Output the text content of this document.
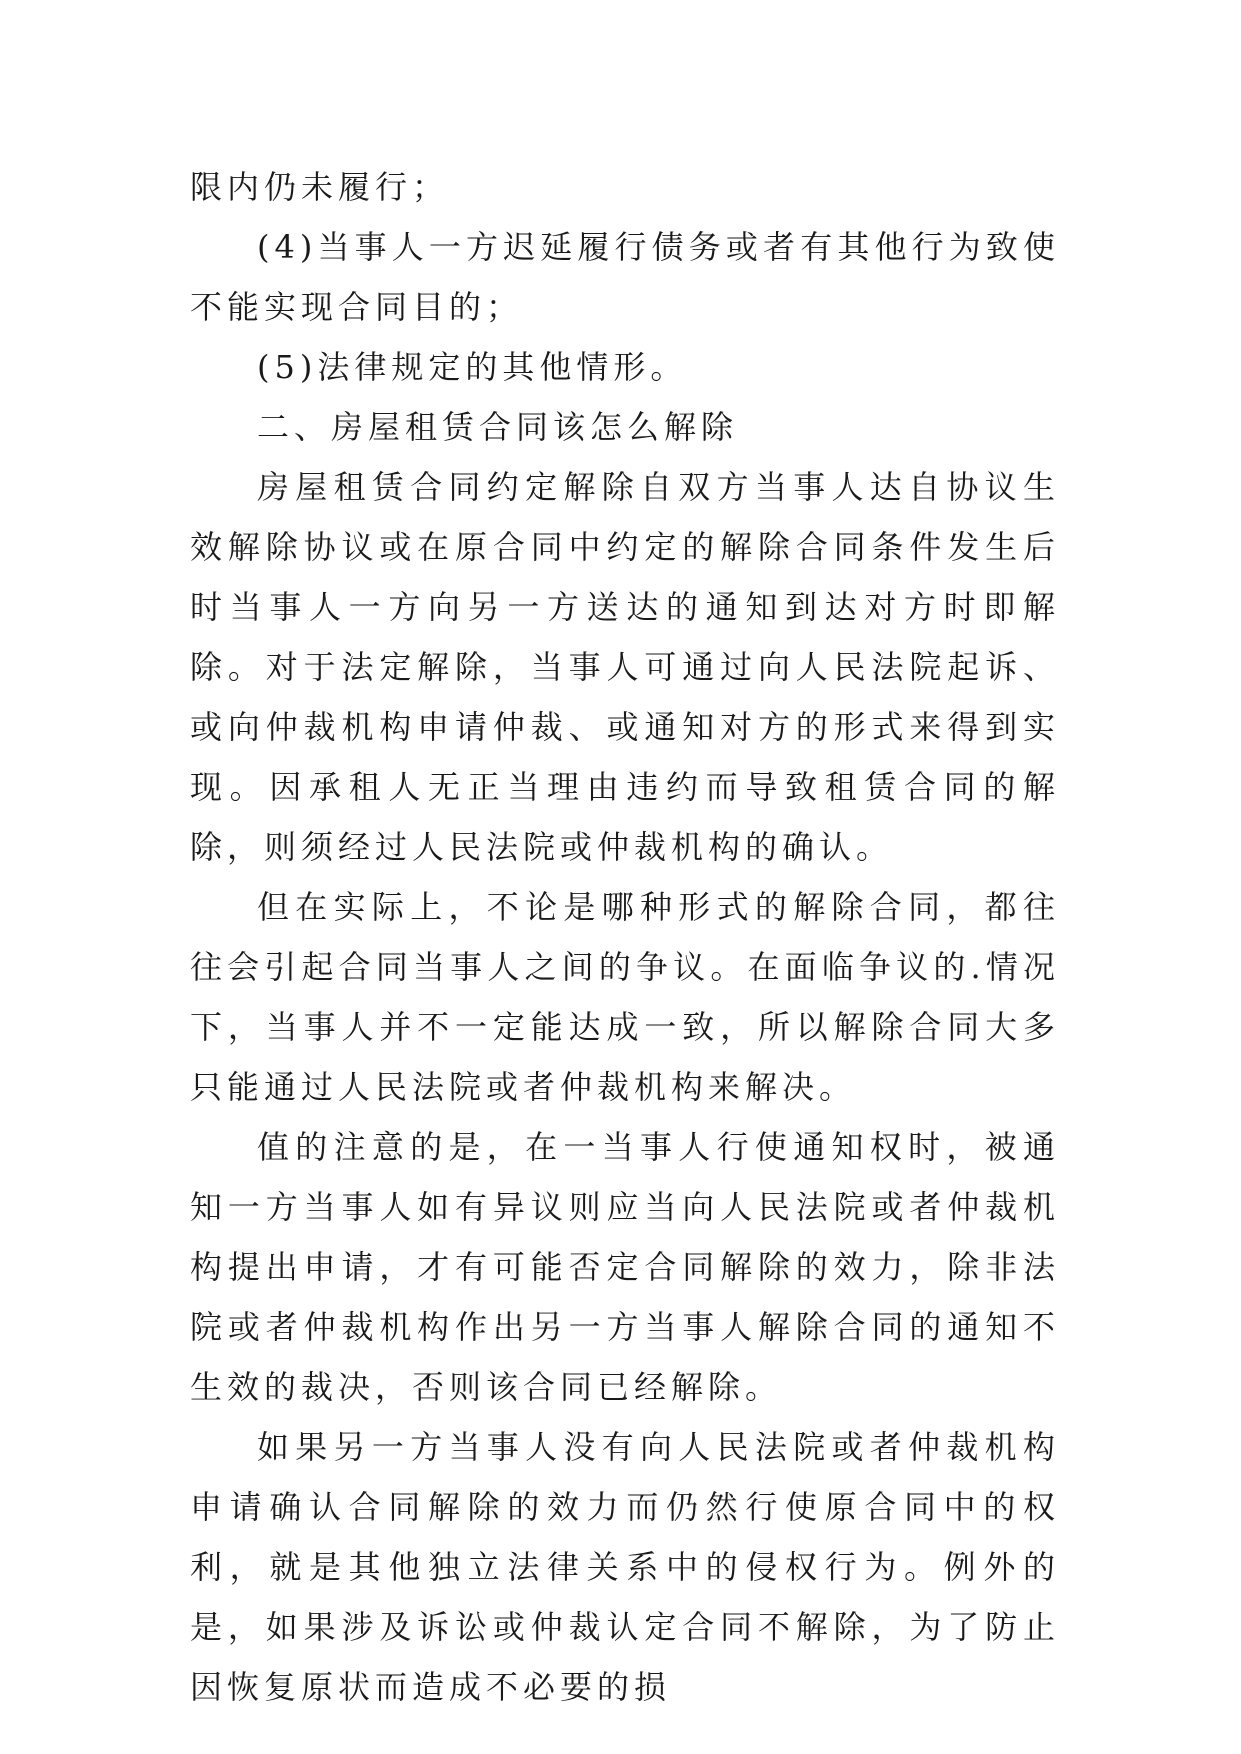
限内仍未履行；

(4)当事人一方迟延履行债务或者有其他行为致使不能实现合同目的；

(5)法律规定的其他情形。

二、房屋租赁合同该怎么解除

房屋租赁合同约定解除自双方当事人达自协议生效解除协议或在原合同中约定的解除合同条件发生后时当事人一方向另一方送达的通知到达对方时即解除。对于法定解除，当事人可通过向人民法院起诉、或向仲裁机构申请仲裁、或通知对方的形式来得到实现。因承租人无正当理由违约而导致租赁合同的解除，则须经过人民法院或仲裁机构的确认。

但在实际上，不论是哪种形式的解除合同，都往往会引起合同当事人之间的争议。在面临争议的.情况下，当事人并不一定能达成一致，所以解除合同大多只能通过人民法院或者仲裁机构来解决。

值的注意的是，在一当事人行使通知权时，被通知一方当事人如有异议则应当向人民法院或者仲裁机构提出申请，才有可能否定合同解除的效力，除非法院或者仲裁机构作出另一方当事人解除合同的通知不生效的裁决，否则该合同已经解除。

如果另一方当事人没有向人民法院或者仲裁机构申请确认合同解除的效力而仍然行使原合同中的权利，就是其他独立法律关系中的侵权行为。例外的是，如果涉及诉讼或仲裁认定合同不解除，为了防止因恢复原状而造成不必要的损
